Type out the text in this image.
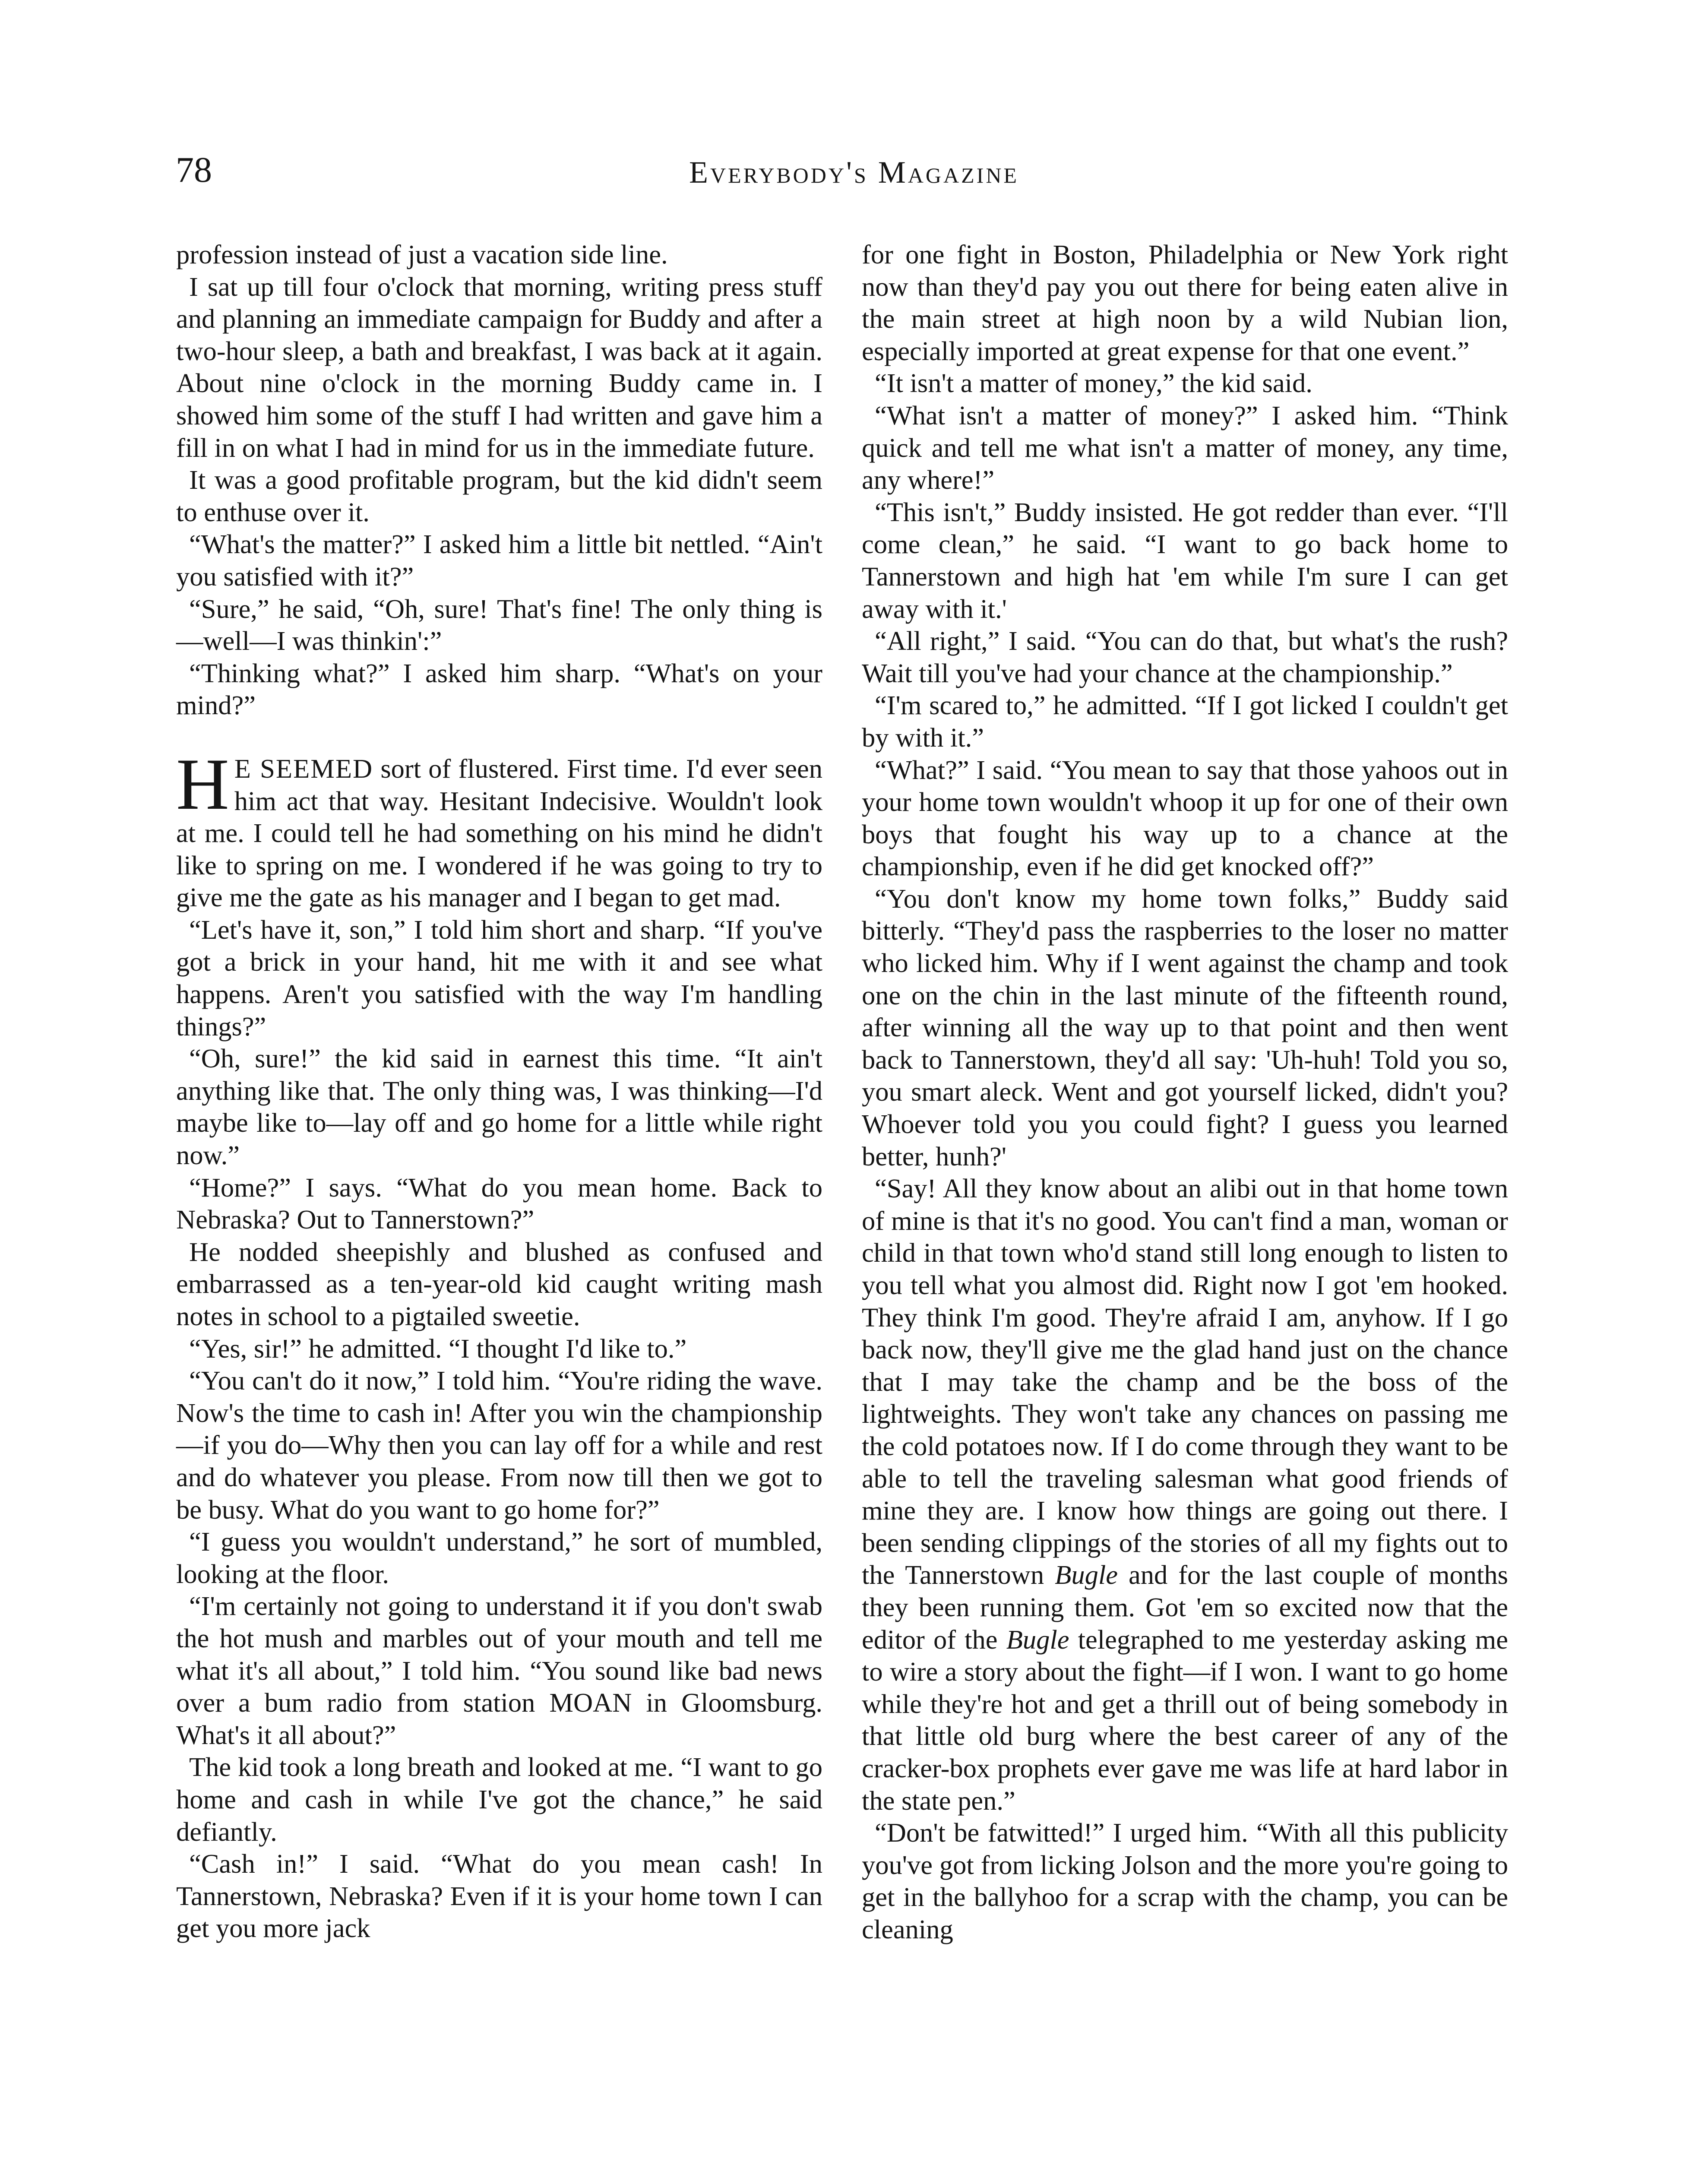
78	Everybody's Magazine

profession instead of just a vacation side line.

I sat up till four o'clock that morning, writing press stuff and planning an immediate campaign for Buddy and after a two-hour sleep, a bath and breakfast, I was back at it again. About nine o'clock in the morning Buddy came in. I showed him some of the stuff I had written and gave him a fill in on what I had in mind for us in the immediate future.

It was a good profitable program, but the kid didn't seem to enthuse over it.

“What's the matter?” I asked him a little bit nettled. “Ain't you satisfied with it?”

“Sure,” he said, “Oh, sure! That's fine! The only thing is—well—I was thinkin':”

“Thinking what?” I asked him sharp. “What's on your mind?”

H E SEEMED sort of flustered. First time. I'd ever seen him act that way. Hesitant Indecisive. Wouldn't look at me. I could tell he had something on his mind he didn't like to spring on me. I wondered if he was going to try to give me the gate as his manager and I began to get mad.

“Let's have it, son,” I told him short and sharp. “If you've got a brick in your hand, hit me with it and see what happens. Aren't you satisfied with the way I'm handling things?”

“Oh, sure!” the kid said in earnest this time. “It ain't anything like that. The only thing was, I was thinking—I'd maybe like to—lay off and go home for a little while right now.”

“Home?” I says. “What do you mean home. Back to Nebraska? Out to Tannerstown?”

He nodded sheepishly and blushed as confused and embarrassed as a ten-year-old kid caught writing mash notes in school to a pigtailed sweetie.

“Yes, sir!” he admitted. “I thought I'd like to.”

“You can't do it now,” I told him. “You're riding the wave. Now's the time to cash in! After you win the championship—if you do—Why then you can lay off for a while and rest and do whatever you please. From now till then we got to be busy. What do you want to go home for?”

“I guess you wouldn't understand,” he sort of mumbled, looking at the floor.

“I'm certainly not going to understand it if you don't swab the hot mush and marbles out of your mouth and tell me what it's all about,” I told him. “You sound like bad news over a bum radio from station MOAN in Gloomsburg. What's it all about?”

The kid took a long breath and looked at me. “I want to go home and cash in while I've got the chance,” he said defiantly.

“Cash in!” I said. “What do you mean cash! In Tannerstown, Nebraska? Even if it is your home town I can get you more jack

for one fight in Boston, Philadelphia or New York right now than they'd pay you out there for being eaten alive in the main street at high noon by a wild Nubian lion, especially imported at great expense for that one event.”

“It isn't a matter of money,” the kid said.

“What isn't a matter of money?” I asked him. “Think quick and tell me what isn't a matter of money, any time, any where!”

“This isn't,” Buddy insisted. He got redder than ever. “I'll come clean,” he said. “I want to go back home to Tannerstown and high hat 'em while I'm sure I can get away with it.'

“All right,” I said. “You can do that, but what's the rush? Wait till you've had your chance at the championship.”

“I'm scared to,” he admitted. “If I got licked I couldn't get by with it.”

“What?” I said. “You mean to say that those yahoos out in your home town wouldn't whoop it up for one of their own boys that fought his way up to a chance at the championship, even if he did get knocked off?”

“You don't know my home town folks,” Buddy said bitterly. “They'd pass the raspberries to the loser no matter who licked him. Why if I went against the champ and took one on the chin in the last minute of the fifteenth round, after winning all the way up to that point and then went back to Tannerstown, they'd all say: 'Uh-huh! Told you so, you smart aleck. Went and got yourself licked, didn't you? Whoever told you you could fight? I guess you learned better, hunh?'

“Say! All they know about an alibi out in that home town of mine is that it's no good. You can't find a man, woman or child in that town who'd stand still long enough to listen to you tell what you almost did. Right now I got 'em hooked. They think I'm good. They're afraid I am, anyhow. If I go back now, they'll give me the glad hand just on the chance that I may take the champ and be the boss of the lightweights. They won't take any chances on passing me the cold potatoes now. If I do come through they want to be able to tell the traveling salesman what good friends of mine they are. I know how things are going out there. I been sending clippings of the stories of all my fights out to the Tannerstown Bugle and for the last couple of months they been running them. Got 'em so excited now that the editor of the Bugle telegraphed to me yesterday asking me to wire a story about the fight—if I won. I want to go home while they're hot and get a thrill out of being somebody in that little old burg where the best career of any of the cracker-box prophets ever gave me was life at hard labor in the state pen.”

“Don't be fatwitted!” I urged him. “With all this publicity you've got from licking Jolson and the more you're going to get in the ballyhoo for a scrap with the champ, you can be cleaning
